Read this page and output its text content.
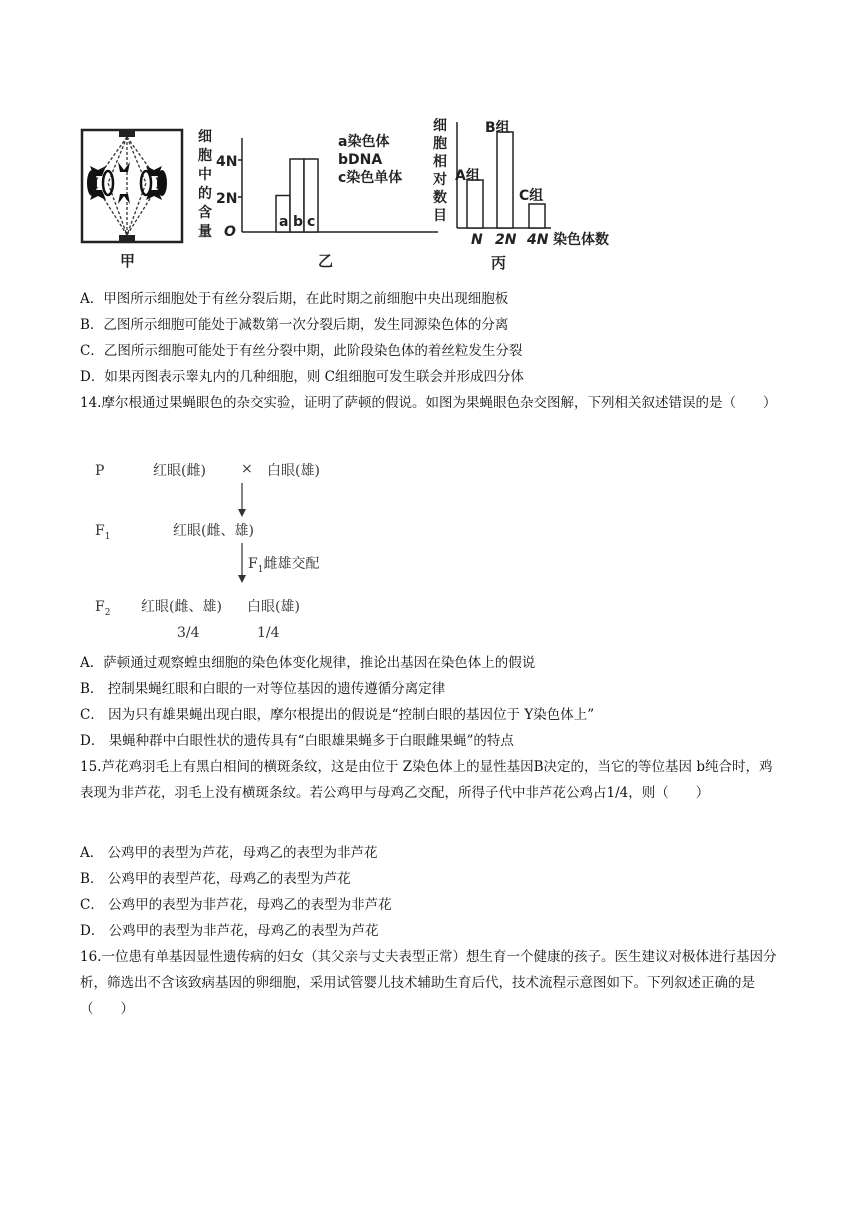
甲
细
胞
中
的
含
量
4N
2N
O
a b c
a染色体
bDNA
c染色单体
乙
细
胞
相
对
数
目
A组
B组
C组
N 2N 4N 染色体数
丙
A．甲图所示细胞处于有丝分裂后期，在此时期之前细胞中央出现细胞板
B．乙图所示细胞可能处于减数第一次分裂后期，发生同源染色体的分离
C．乙图所示细胞可能处于有丝分裂中期，此阶段染色体的着丝粒发生分裂
D．如果丙图表示睾丸内的几种细胞，则 C组细胞可发生联会并形成四分体
14.摩尔根通过果蝇眼色的杂交实验，证明了萨顿的假说。如图为果蝇眼色杂交图解，下列相关叙述错误的是（　　）
P	红眼(雌)	× 白眼(雄)
$F_1$	红眼(雌、雄)
$F_1$雌雄交配
$F_2$ 红眼(雌、雄) 白眼(雄)
3/4	1/4
A．萨顿通过观察蝗虫细胞的染色体变化规律，推论出基因在染色体上的假说
B． 控制果蝇红眼和白眼的一对等位基因的遗传遵循分离定律
C． 因为只有雄果蝇出现白眼，摩尔根提出的假说是“控制白眼的基因位于 Y染色体上”
D． 果蝇种群中白眼性状的遗传具有“白眼雄果蝇多于白眼雌果蝇”的特点
15.芦花鸡羽毛上有黑白相间的横斑条纹，这是由位于 Z染色体上的显性基因B决定的，当它的等位基因 b纯合时，鸡表现为非芦花，羽毛上没有横斑条纹。若公鸡甲与母鸡乙交配，所得子代中非芦花公鸡占1/4，则（　　）
A． 公鸡甲的表型为芦花，母鸡乙的表型为非芦花
B． 公鸡甲的表型芦花，母鸡乙的表型为芦花
C． 公鸡甲的表型为非芦花，母鸡乙的表型为非芦花
D． 公鸡甲的表型为非芦花，母鸡乙的表型为芦花
16.一位患有单基因显性遗传病的妇女（其父亲与丈夫表型正常）想生育一个健康的孩子。医生建议对极体进行基因分析，筛选出不含该致病基因的卵细胞，采用试管婴儿技术辅助生育后代，技术流程示意图如下。下列叙述正确的是（　　）
